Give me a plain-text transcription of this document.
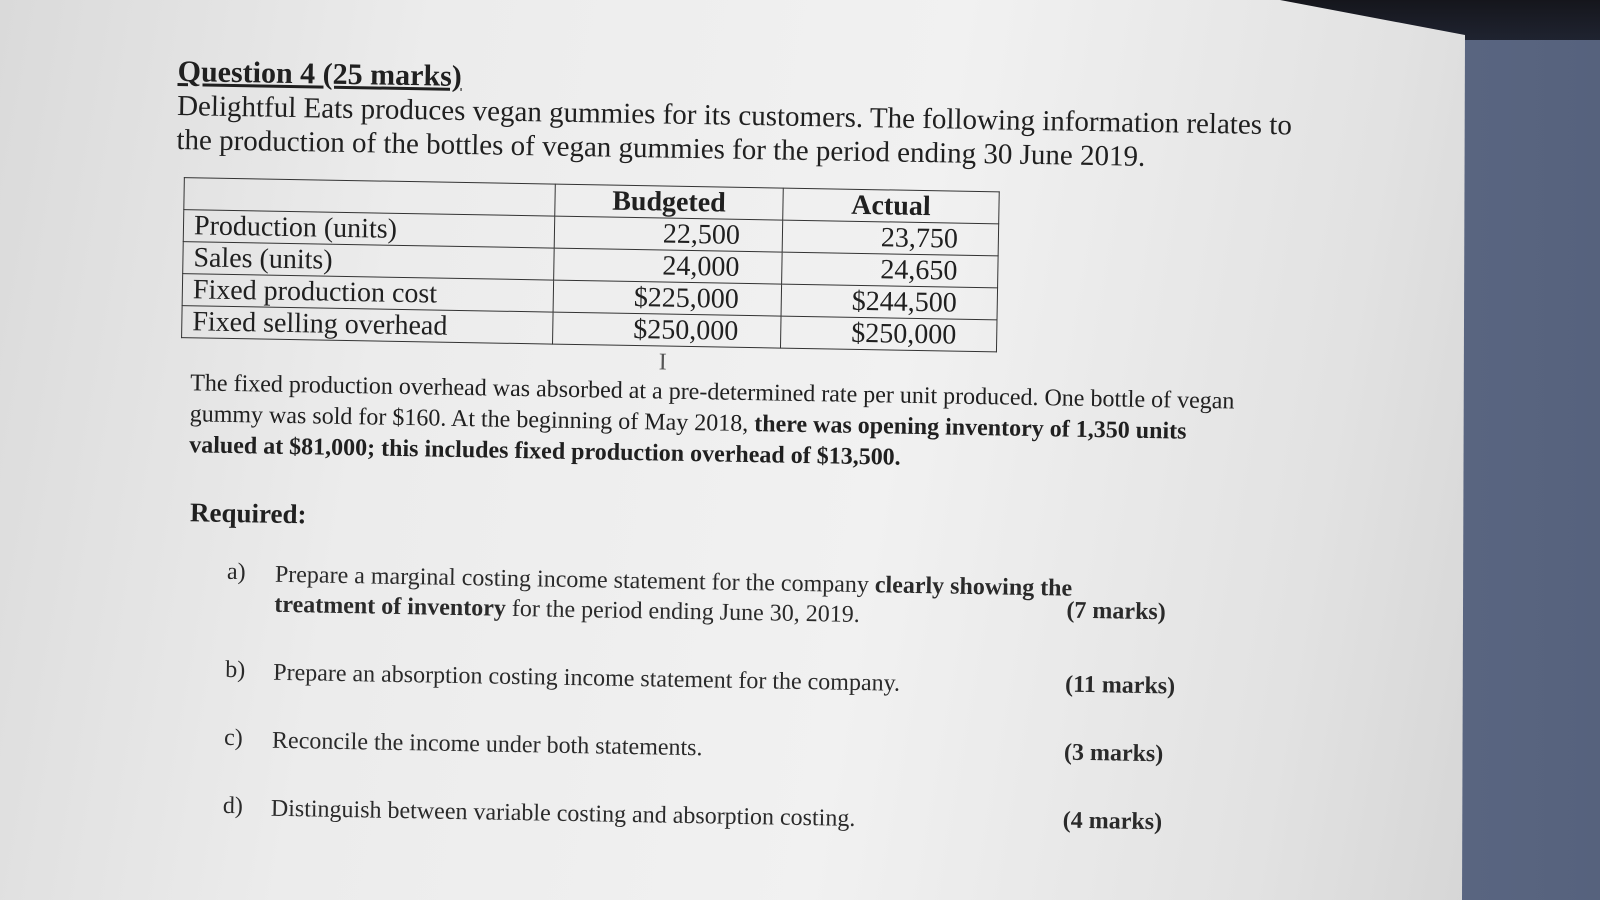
Question 4 (25 marks)

Delightful Eats produces vegan gummies for its customers. The following information relates to the production of the bottles of vegan gummies for the period ending 30 June 2019.

	Budgeted	Actual
Production (units)	22,500	23,750
Sales (units)	24,000	24,650
Fixed production cost	$225,000	$244,500
Fixed selling overhead	$250,000	$250,000
I

The fixed production overhead was absorbed at a pre-determined rate per unit produced. One bottle of vegan gummy was sold for $160. At the beginning of May 2018, there was opening inventory of 1,350 units valued at $81,000; this includes fixed production overhead of $13,500.

Required:
a)	Prepare a marginal costing income statement for the company clearly showing the treatment of inventory for the period ending June 30, 2019.	(7 marks)
b)	Prepare an absorption costing income statement for the company.	(11 marks)
c)	Reconcile the income under both statements.	(3 marks)
d)	Distinguish between variable costing and absorption costing.	(4 marks)
